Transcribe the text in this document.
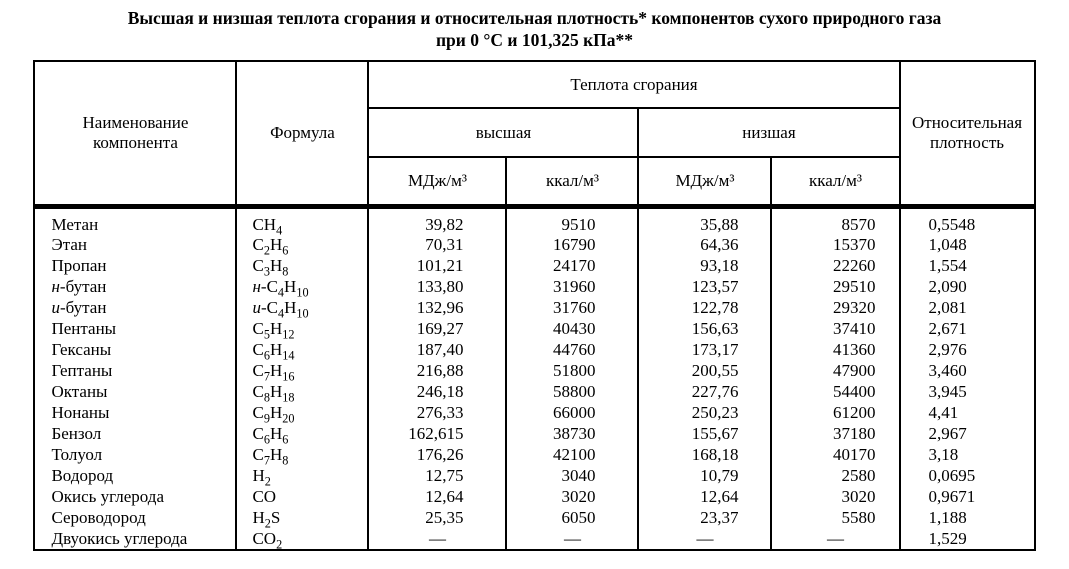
Высшая и низшая теплота сгорания и относительная плотность* компонентов сухого природного газа
при 0 °С и 101,325 кПа**
Наименование компонента	Формула	Теплота сгорания				Относительная плотность
		высшая		низшая		
		МДж/м³	ккал/м³	МДж/м³	ккал/м³	
Метан	$CH_4$	39,82	9510	35,88	8570	0,5548
Этан	$C_2H_6$	70,31	16790	64,36	15370	1,048
Пропан	$C_3H_8$	101,21	24170	93,18	22260	1,554
н-бутан	$н-C_4H_{10}$	133,80	31960	123,57	29510	2,090
и-бутан	$и-C_4H_{10}$	132,96	31760	122,78	29320	2,081
Пентаны	$C_5H_{12}$	169,27	40430	156,63	37410	2,671
Гексаны	$C_6H_{14}$	187,40	44760	173,17	41360	2,976
Гептаны	$C_7H_{16}$	216,88	51800	200,55	47900	3,460
Октаны	$C_8H_{18}$	246,18	58800	227,76	54400	3,945
Нонаны	$C_9H_{20}$	276,33	66000	250,23	61200	4,41
Бензол	$C_6H_6$	162,615	38730	155,67	37180	2,967
Толуол	$C_7H_8$	176,26	42100	168,18	40170	3,18
Водород	$H_2$	12,75	3040	10,79	2580	0,0695
Окись углерода	CO	12,64	3020	12,64	3020	0,9671
Сероводород	$H_2S$	25,35	6050	23,37	5580	1,188
Двуокись углерода	$CO_2$	—	—	—	—	1,529
